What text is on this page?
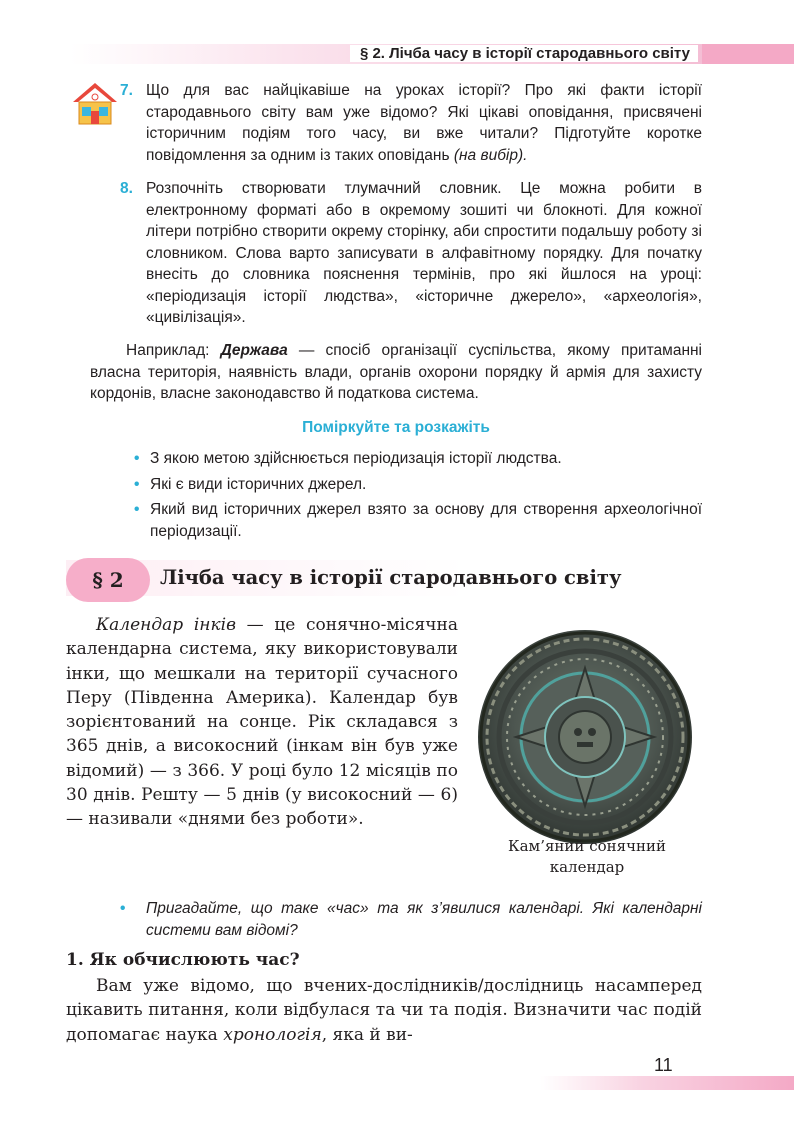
§ 2. Лічба часу в історії стародавнього світу
7. Що для вас найцікавіше на уроках історії? Про які факти історії стародавнього світу вам уже відомо? Які цікаві оповідання, присвячені історичним подіям того часу, ви вже читали? Підготуйте коротке повідомлення за одним із таких оповідань (на вибір).
8. Розпочніть створювати тлумачний словник. Це можна робити в електронному форматі або в окремому зошиті чи блокноті. Для кожної літери потрібно створити окрему сторінку, аби спростити подальшу роботу зі словником. Слова варто записувати в алфавітному порядку. Для початку внесіть до словника пояснення термінів, про які йшлося на уроці: «періодизація історії людства», «історичне джерело», «археологія», «цивілізація».
Наприклад: Держава — спосіб організації суспільства, якому притаманні власна територія, наявність влади, органів охорони порядку й армія для захисту кордонів, власне законодавство й податкова система.
Поміркуйте та розкажіть
• З якою метою здійснюється періодизація історії людства.
• Які є види історичних джерел.
• Який вид історичних джерел взято за основу для створення археологічної періодизації.
§ 2	Лічба часу в історії стародавнього світу
Календар інків — це сонячно-місячна календарна система, яку використовували інки, що мешкали на території сучасного Перу (Південна Америка). Календар був зорієнтований на сонце. Рік складався з 365 днів, а високосний (інкам він був уже відомий) — з 366. У році було 12 місяців по 30 днів. Решту — 5 днів (у високосний — 6) — називали «днями без роботи».
Кам’яний сонячний календар
• Пригадайте, що таке «час» та як з’явилися календарі. Які календарні системи вам відомі?
1. Як обчислюють час?
Вам уже відомо, що вчених-дослідників/дослідниць насамперед цікавить питання, коли відбулася та чи та подія. Визначити час подій допомагає наука хронологія, яка й ви-
11
